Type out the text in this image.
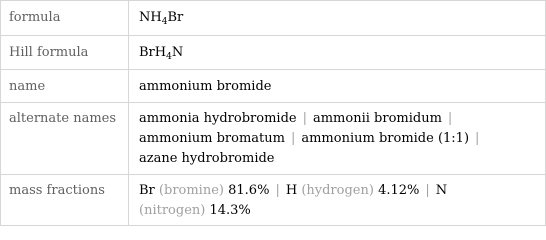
formula	$NH_4Br$
Hill formula	BrH$_4$N
name	ammonium bromide
alternate names	ammonia hydrobromide | ammonii bromidum |
ammonium bromatum | ammonium bromide (1:1) |
azane hydrobromide
mass fractions	Br (bromine) 81.6% | H (hydrogen) 4.12% | N
(nitrogen) 14.3%
